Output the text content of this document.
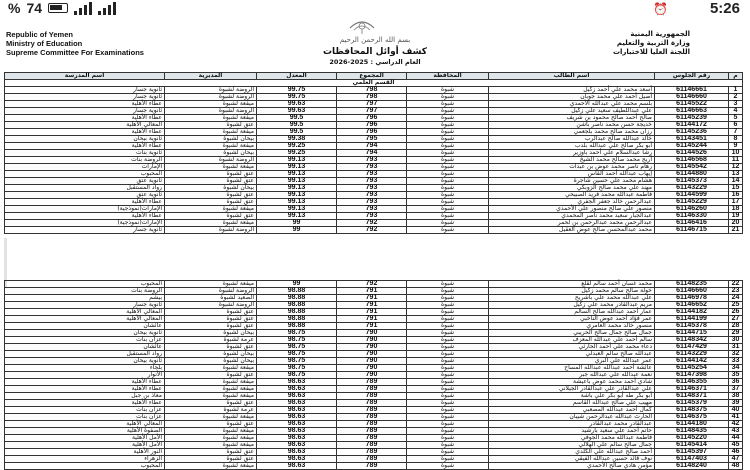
% 74	⏰	5:26
Republic of Yemen
Ministry of Education
Supreme Committee For Examinations
الجمهورية اليمنية
وزارة التربية والتعليم
اللجنة العليا للاختبارات
بسم الله الرحمن الرحيم
كشف أوائل المحافظات
العام الدراسي : 2025-2026
م	رقم الجلوس	اسم الطالب	المحافظة	المجموع	المعدل	المديرية	اسم المدرسة
القسم العلمي							
1	61146661	أسعد محمد علي أحمد زكيل	شبوة	798	99.75	الروضة لشبوة	ثانوية جسار
2	61146660	أصيل أحمد علي محمد جوبان	شبوة	798	99.75	الروضة لشبوة	ثانوية جسار
3	61145522	بلسم محمد علي عبدالله الأحمدي	شبوة	797	99.63	ميفعة لشبوة	عطاء الأهلية
4	61146663	علي عبداللطيف سعيد علي زكيل	شبوة	797	99.63	الروضة لشبوة	ثانوية جسار
5	61145239	صالح أحمد صالح محمود بن شريف	شبوة	796	99.5	ميفعة لشبوة	عطاء الأهلية
6	61144172	خديجة حسن محمد ناصر باشن	شبوة	796	99.5	عتق لشبوة	المعالي الأهلية
7	61145236	رزان محمد صالح محمد بلجعمي	شبوة	796	99.5	ميفعة لشبوة	عطاء الأهلية
8	61143451	خالد عبدالله صالح عبدالرب	شبوة	795	99.38	بيحان لشبوة	ثانوية بيحان
9	61145244	أبو بكر صالح علي عبدالله بلدب	شبوة	794	99.25	ميفعة لشبوة	عطاء الأهلية
10	61144526	رشا عبدالسلام علي أحمد باوزير	شبوة	794	99.25	بيحان لشبوة	ثانوية بنات
11	61146568	أريج محمد صالح محمد الشيخ	شبوة	793	99.13	الروضة لشبوة	الروضة بنات
12	61145542	رهام ناصر محمد عوض بن عبدات	شبوة	793	99.13	ميفعة لشبوة	الإمارات
13	61144880	إيهاب عبدالله أحمد القاس	شبوة	793	99.13	عتق لشبوة	المحبوب
14	61145373	هشام محمد علي حسين شاجرة	شبوة	793	99.13	عتق لشبوة	ثانوية عتق
15	61143229	مهند علي محمد صالح الزوبكي	شبوة	793	99.13	بيحان لشبوة	رواد المستقبل
16	61144599	فاطمة عبدالله محمد فريد الصبيحي	شبوة	793	99.13	عتق لشبوة	ثانوية عتق
17	61145229	عبدالرحمن خالد جعفر الجفري	شبوة	793	99.13	عتق لشبوة	عطاء الأهلية
18	61146260	منصور علي صالح منصور علي الأحمدي	شبوة	793	99.13	ميفعة لشبوة	الإمارات(نموذجية)
19	61146330	عبدالجبار سعيد محمد ناصر المحمدي	شبوة	793	99.13	عتق لشبوة	عطاء الأهلية
20	61146416	عبدالرحمن محمد عبدالرحمن بن لحمر	شبوة	792	99	ميفعة لشبوة	الإمارات(نموذجية)
21	61146715	محمد عبدالمحسن صالح عوض العقيل	شبوة	792	99	الروضة لشبوة	ثانوية جسار
22	61148235	محمد غسان أحمد سالم لقلع	شبوة	792	99	ميفعة لشبوة	المحبوب
23	61146660	خولة صالح سالم محمد زكيل	شبوة	791	98.88	الروضة لشبوة	الروضة بنات
24	61146978	علي عبدالله محمد علي باشريح	شبوة	791	98.88	الصعيد لشبوة	بيشم
25	61146652	مريم عبدالقادر محمد علي زكيل	شبوة	791	98.88	الروضة لشبوة	ثانوية جسار
26	61144182	عمار أحمد عبدالله صالح السالم	شبوة	791	98.88	عتق لشبوة	المعالي الأهلية
27	61144199	عمر فؤاد أحمد عوض الناخبي	شبوة	791	98.88	عتق لشبوة	المعالي الأهلية
28	61145378	منصور خالد محمد العامري	شبوة	791	98.88	عتق لشبوة	عائشان
29	61144715	جمال صالح جمال صالح الحريبي	شبوة	790	98.75	بيحان لشبوة	ثانوية بيحان
30	61148342	سالم أحمد علي عبدالله المعزف	شبوة	790	98.75	عرمة لشبوة	عزان بنات
31	61147429	دعاء محمد علي أحمد الحارثي	شبوة	790	98.75	عتق لشبوة	عائشان
32	61143229	عبدالله صالح سالم العبدلي	شبوة	790	98.75	بيحان لشبوة	رواد المستقبل
33	61144142	عمر عبدالله علي البري	شبوة	790	98.75	بيحان لشبوة	ثانوية بيحان
34	61145254	عائشة أحمد عبدالله عبدالله المساح	شبوة	790	98.75	ميفعة لشبوة	بلجاء
35	61147398	نعمة عبدالله علي عبدالله جبر	شبوة	790	98.75	عتق لشبوة	الأنوار
36	61146355	شادي أحمد محمد عوض باعيشة	شبوة	789	98.63	ميفعة لشبوة	عطاء الأهلية
37	61146371	علي عبدالقادر علي عبدالقادر الجيلاني	شبوة	789	98.63	ميفعة لشبوة	عطاء الأهلية
38	61148371	أبو بكر طه أبو بكر علي باشة	شبوة	789	98.63	ميفعة لشبوة	معاذ بن جبل
39	61145379	مهيب علي صالح عبدالله القاسم	شبوة	789	98.63	عتق لشبوة	عطاء الأهلية
40	61148375	كمال أحمد عبدالله المصعبي	شبوة	789	98.63	عرمة لشبوة	عزان بنات
41	61146375	الحارث عبدالله عبدالرحمن شيبان	شبوة	789	98.63	ميفعة لشبوة	عزان بنات
42	61144180	عبدالقادر محمد عبدالقادر	شبوة	789	98.63	عتق لشبوة	المعالي الأهلية
43	61148435	حاتم أحمد علي سعيد بارشيد	شبوة	789	98.63	ميفعة لشبوة	الصفوة الأهلية
44	61145220	فاطمة عبدالله محمد الجوفي	شبوة	789	98.63	ميفعة لشبوة	الأمل الأهلية
45	61145414	جمال صالح سالم علي الهلالي	شبوة	789	98.63	ميفعة لشبوة	الأمل الأهلية
46	61145397	أحمد صالح عبدالله علي الكلدي	شبوة	789	98.63	عتق لشبوة	النور الأهلية
47	61147403	نوف قائد حسين عبدالله الفيقي	شبوة	789	98.63	عتق لشبوة	الزهراء
48	61148240	مؤمن هادي صالح الأحمدي	شبوة	789	98.63	ميفعة لشبوة	المحبوب
